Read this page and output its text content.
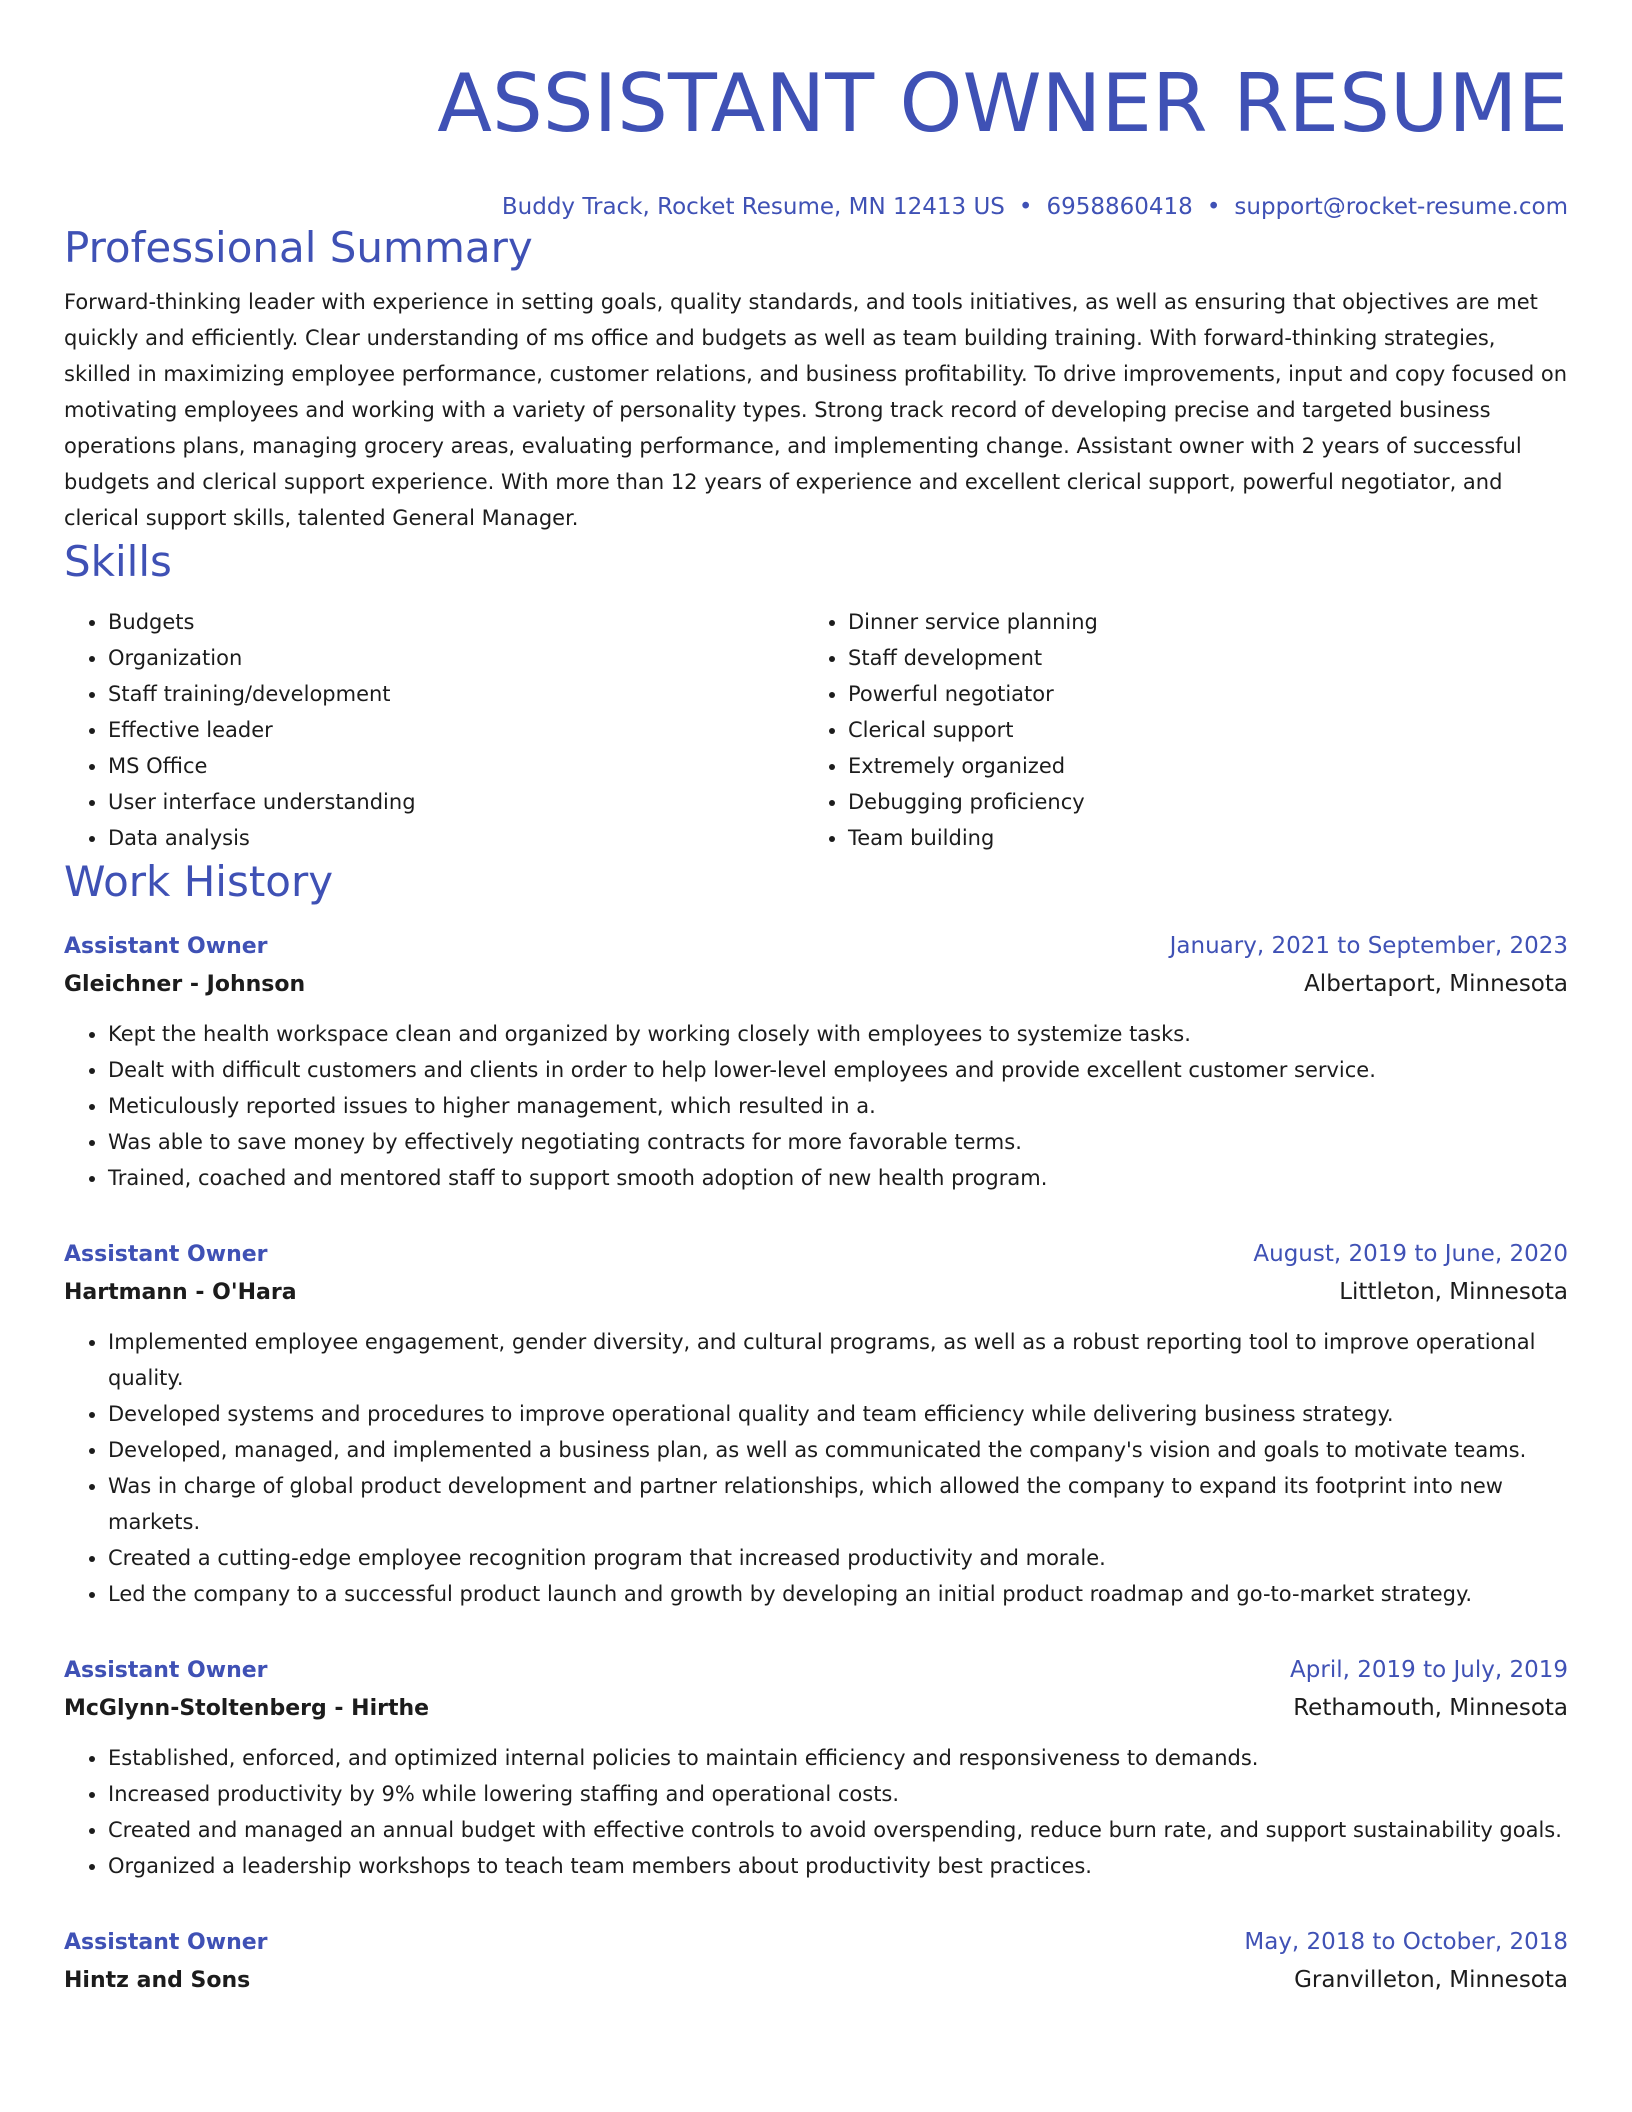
ASSISTANT OWNER RESUME
Buddy Track, Rocket Resume, MN 12413 US • 6958860418 • support@rocket-resume.com
Professional Summary
Forward-thinking leader with experience in setting goals, quality standards, and tools initiatives, as well as ensuring that objectives are met quickly and efficiently. Clear understanding of ms office and budgets as well as team building training. With forward-thinking strategies, skilled in maximizing employee performance, customer relations, and business profitability. To drive improvements, input and copy focused on motivating employees and working with a variety of personality types. Strong track record of developing precise and targeted business operations plans, managing grocery areas, evaluating performance, and implementing change. Assistant owner with 2 years of successful budgets and clerical support experience. With more than 12 years of experience and excellent clerical support, powerful negotiator, and clerical support skills, talented General Manager.
Skills
• Budgets
• Organization
• Staff training/development
• Effective leader
• MS Office
• User interface understanding
• Data analysis
• Dinner service planning
• Staff development
• Powerful negotiator
• Clerical support
• Extremely organized
• Debugging proficiency
• Team building
Work History
Assistant Owner	January, 2021 to September, 2023
Gleichner - Johnson	Albertaport, Minnesota
• Kept the health workspace clean and organized by working closely with employees to systemize tasks.
• Dealt with difficult customers and clients in order to help lower-level employees and provide excellent customer service.
• Meticulously reported issues to higher management, which resulted in a.
• Was able to save money by effectively negotiating contracts for more favorable terms.
• Trained, coached and mentored staff to support smooth adoption of new health program.
Assistant Owner	August, 2019 to June, 2020
Hartmann - O'Hara	Littleton, Minnesota
• Implemented employee engagement, gender diversity, and cultural programs, as well as a robust reporting tool to improve operational quality.
• Developed systems and procedures to improve operational quality and team efficiency while delivering business strategy.
• Developed, managed, and implemented a business plan, as well as communicated the company's vision and goals to motivate teams.
• Was in charge of global product development and partner relationships, which allowed the company to expand its footprint into new markets.
• Created a cutting-edge employee recognition program that increased productivity and morale.
• Led the company to a successful product launch and growth by developing an initial product roadmap and go-to-market strategy.
Assistant Owner	April, 2019 to July, 2019
McGlynn-Stoltenberg - Hirthe	Rethamouth, Minnesota
• Established, enforced, and optimized internal policies to maintain efficiency and responsiveness to demands.
• Increased productivity by 9% while lowering staffing and operational costs.
• Created and managed an annual budget with effective controls to avoid overspending, reduce burn rate, and support sustainability goals.
• Organized a leadership workshops to teach team members about productivity best practices.
Assistant Owner	May, 2018 to October, 2018
Hintz and Sons	Granvilleton, Minnesota
